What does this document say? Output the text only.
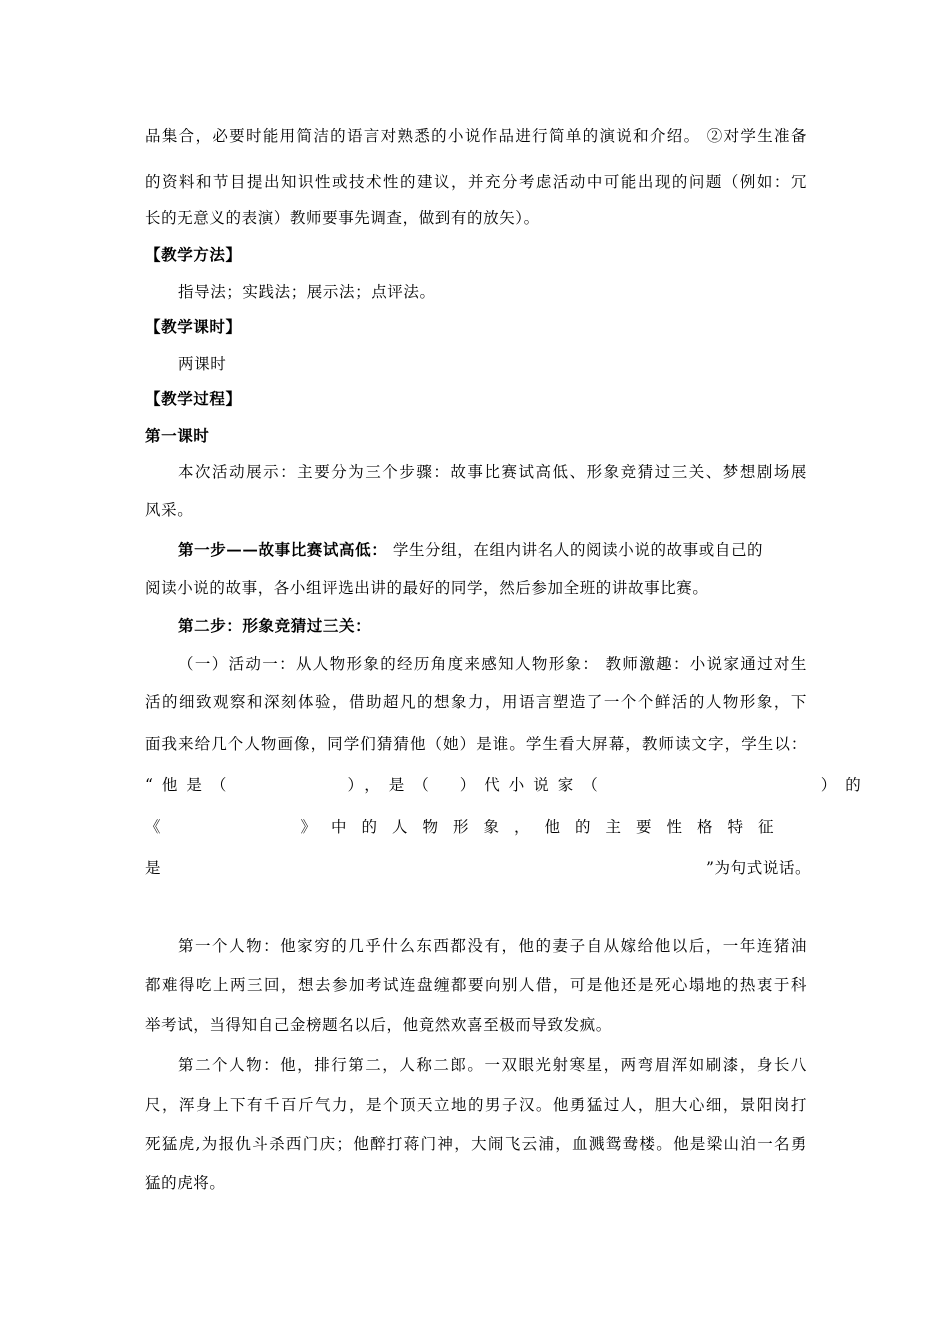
品集合，必要时能用简洁的语言对熟悉的小说作品进行简单的演说和介绍。 ②对学生准备
的资料和节目提出知识性或技术性的建议，并充分考虑活动中可能出现的问题（例如：冗
长的无意义的表演）教师要事先调查，做到有的放矢）。
【教学方法】
指导法；实践法；展示法；点评法。
【教学课时】
两课时
【教学过程】
第一课时
本次活动展示：主要分为三个步骤：故事比赛试高低、形象竞猜过三关、梦想剧场展
风采。
第一步——故事比赛试高低： 学生分组，在组内讲名人的阅读小说的故事或自己的
阅读小说的故事，各小组评选出讲的最好的同学，然后参加全班的讲故事比赛。
第二步：形象竞猜过三关：
（一）活动一：从人物形象的经历角度来感知人物形象： 教师激趣：小说家通过对生
活的细致观察和深刻体验，借助超凡的想象力，用语言塑造了一个个鲜活的人物形象，下
面我来给几个人物画像，同学们猜猜他（她）是谁。学生看大屏幕，教师读文字，学生以：
“他是（	），是（ ）代小说家（	）的
《	》中的人物形象，他的主要性格特征
是	”为句式说话。
第一个人物：他家穷的几乎什么东西都没有，他的妻子自从嫁给他以后，一年连猪油
都难得吃上两三回，想去参加考试连盘缠都要向别人借，可是他还是死心塌地的热衷于科
举考试，当得知自己金榜题名以后，他竟然欢喜至极而导致发疯。
第二个人物：他，排行第二，人称二郎。一双眼光射寒星，两弯眉浑如刷漆，身长八
尺，浑身上下有千百斤气力，是个顶天立地的男子汉。他勇猛过人，胆大心细，景阳岗打
死猛虎,为报仇斗杀西门庆；他醉打蒋门神，大闹飞云浦，血溅鸳鸯楼。他是梁山泊一名勇
猛的虎将。
